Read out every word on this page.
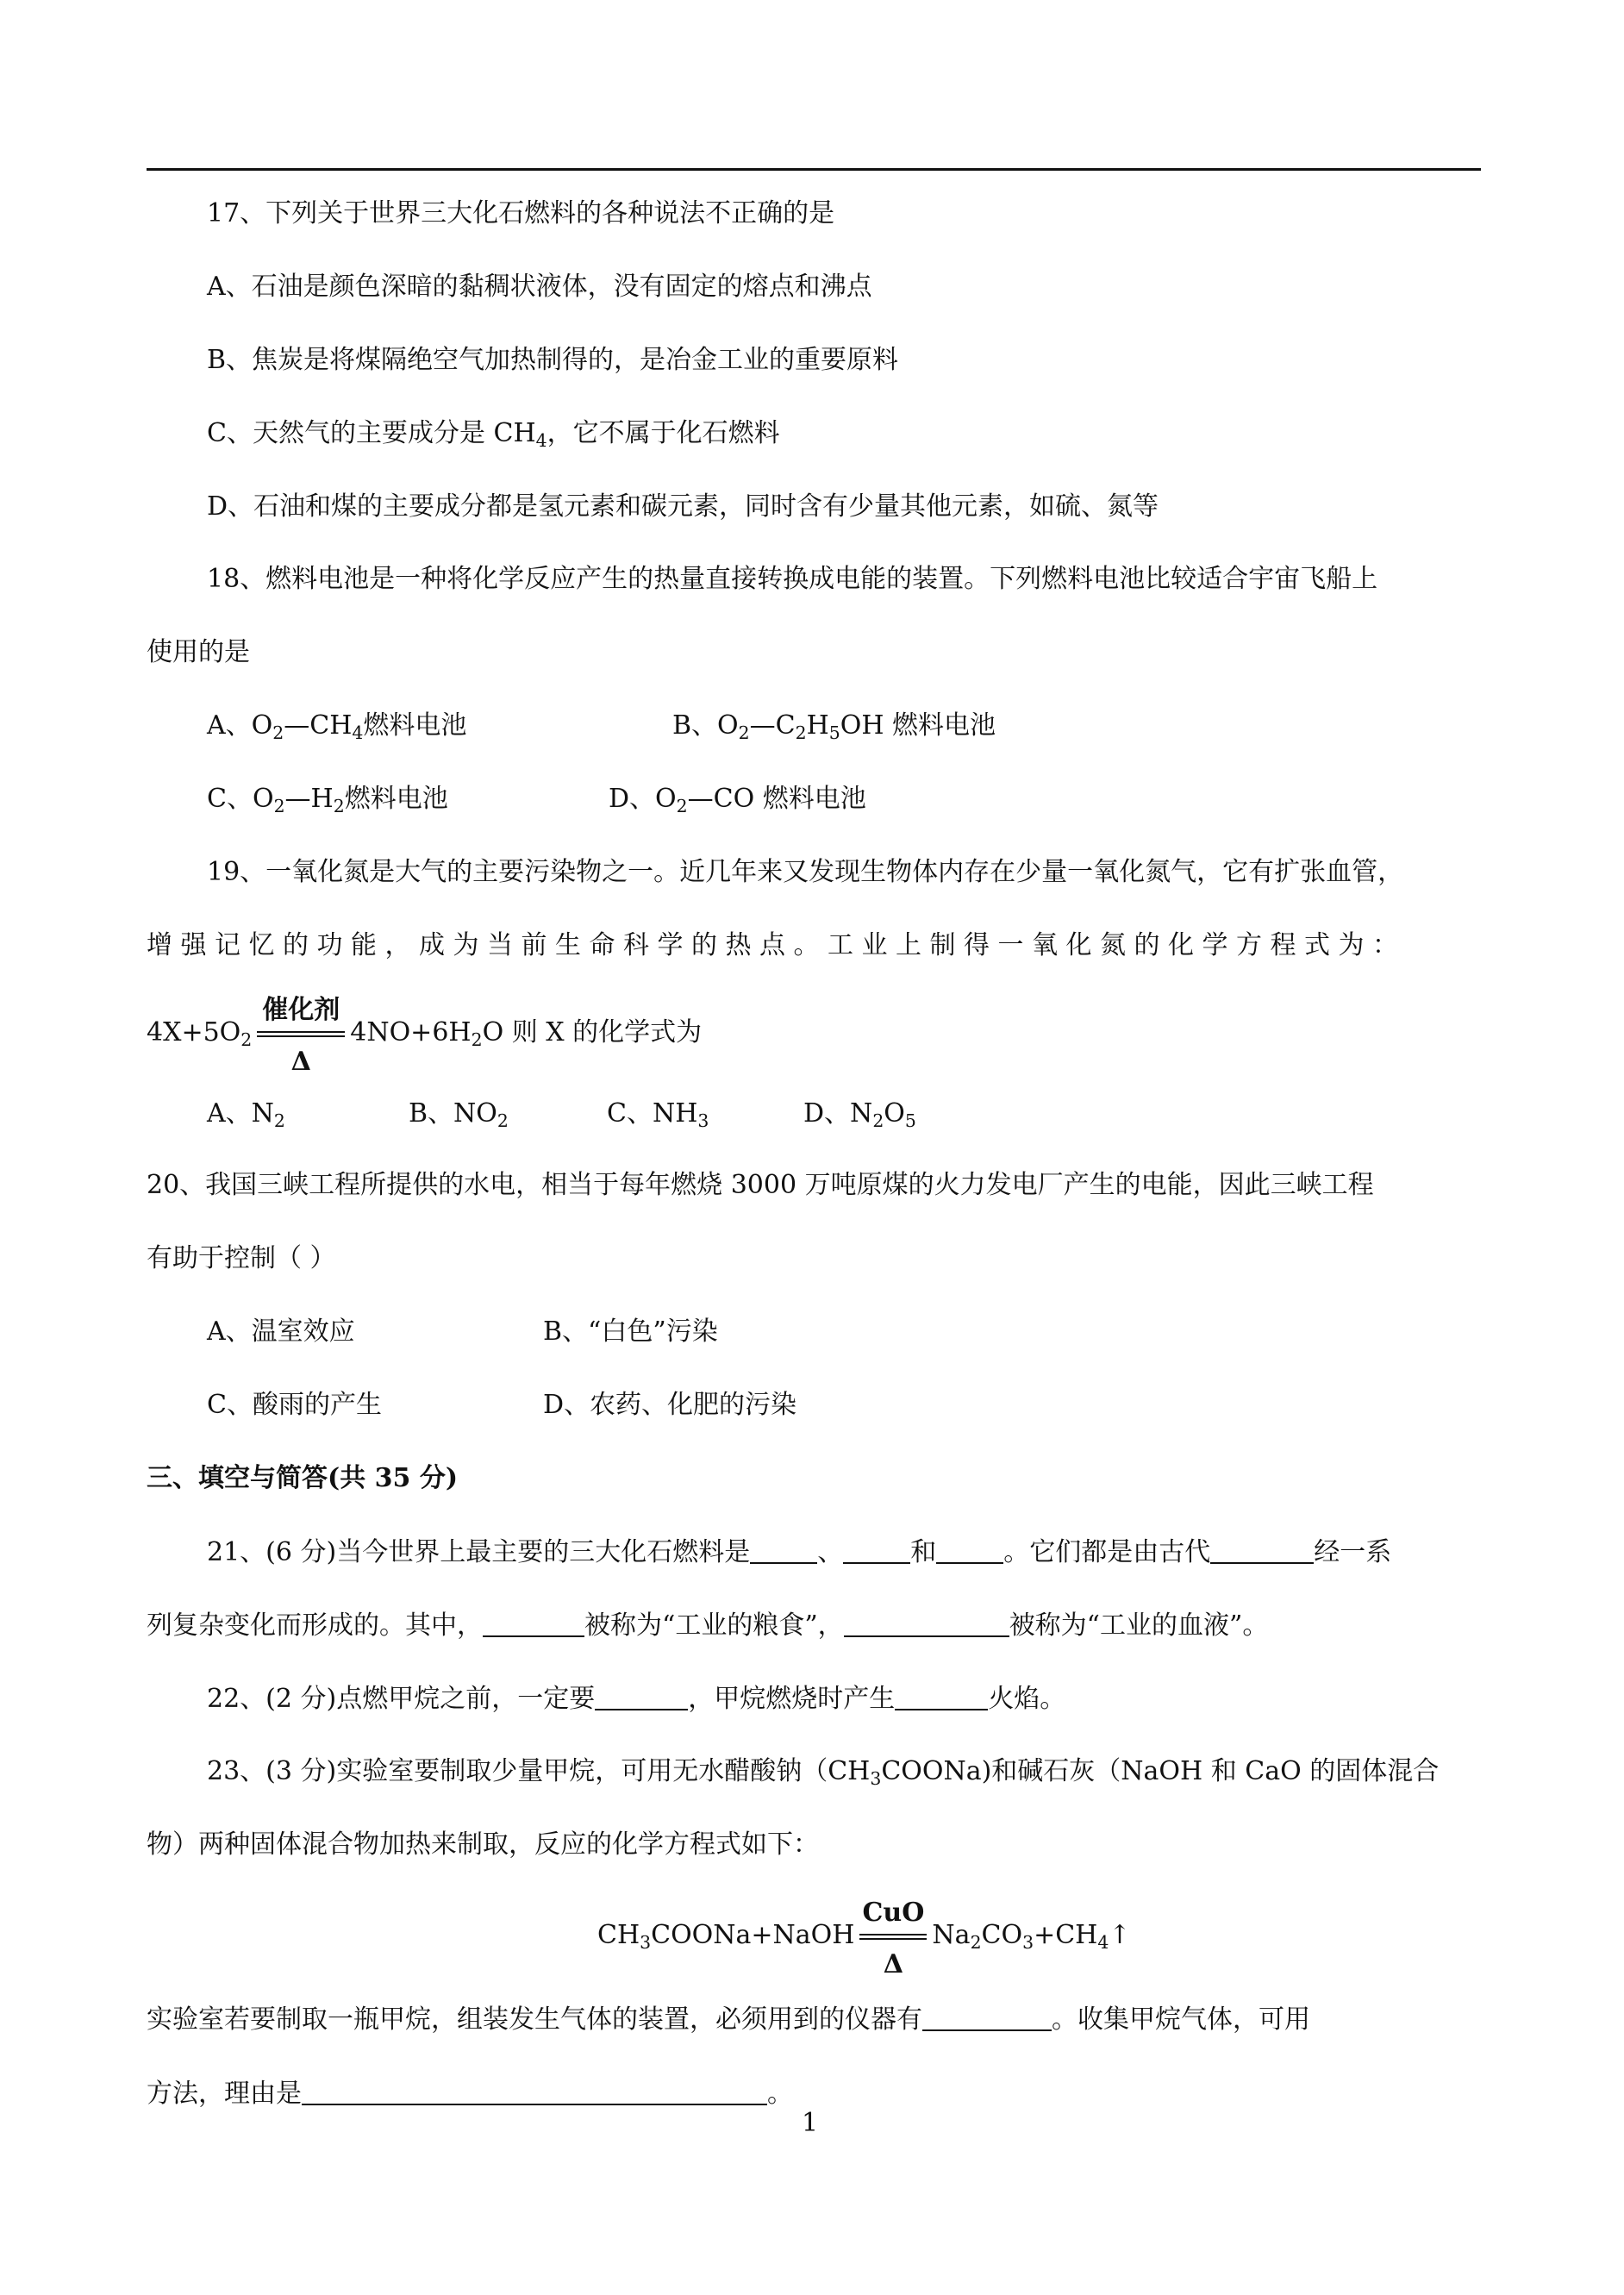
17、下列关于世界三大化石燃料的各种说法不正确的是
A、石油是颜色深暗的黏稠状液体，没有固定的熔点和沸点
B、焦炭是将煤隔绝空气加热制得的，是冶金工业的重要原料
C、天然气的主要成分是 $CH_4$，它不属于化石燃料
D、石油和煤的主要成分都是氢元素和碳元素，同时含有少量其他元素，如硫、氮等
18、燃料电池是一种将化学反应产生的热量直接转换成电能的装置。下列燃料电池比较适合宇宙飞船上
使用的是
A、$O_2—CH_4$燃料电池	B、$O_2—C_2H_5OH$ 燃料电池
C、$O_2—H_2$燃料电池	D、$O_2—CO$ 燃料电池
19、一氧化氮是大气的主要污染物之一。近几年来又发现生物体内存在少量一氧化氮气，它有扩张血管，
增强记忆的功能，成为当前生命科学的热点。工业上制得一氧化氮的化学方程式为：
$4X+5O_2$
催化剂
Δ
$4NO+6H_2O$ 则 X 的化学式为
A、$N_2$	B、$NO_2$	C、$NH_3$	D、$N_2O_5$
20、我国三峡工程所提供的水电，相当于每年燃烧 3000 万吨原煤的火力发电厂产生的电能，因此三峡工程
有助于控制（ ）
A、温室效应	B、“白色”污染
C、酸雨的产生	D、农药、化肥的污染
三、填空与简答(共 35 分)
21、(6 分)当今世界上最主要的三大化石燃料是	、	和	。它们都是由古代	经一系
列复杂变化而形成的。其中，	被称为“工业的粮食”，	被称为“工业的血液”。
22、(2 分)点燃甲烷之前，一定要	，甲烷燃烧时产生	火焰。
23、(3 分)实验室要制取少量甲烷，可用无水醋酸钠$(CH_3COONa)$和碱石灰（NaOH 和 CaO 的固体混合
物）两种固体混合物加热来制取，反应的化学方程式如下：
$CH_3COONa+NaOH$
CuO
Δ
$Na_2CO_3+CH_4↑$
实验室若要制取一瓶甲烷，组装发生气体的装置，必须用到的仪器有	。收集甲烷气体，可用
方法，理由是	。
1
